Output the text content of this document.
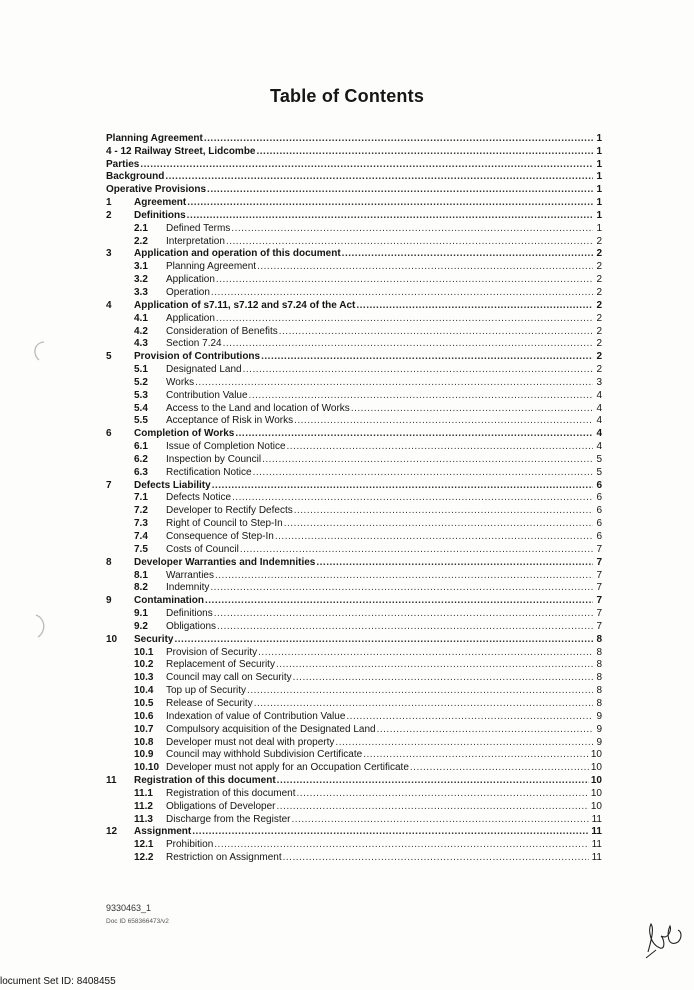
Table of Contents
Planning Agreement .....	1
4 - 12 Railway Street, Lidcombe .....	1
Parties .....	1
Background .....	1
Operative Provisions .....	1
1	Agreement .....	1
2	Definitions .....	1
2.1	Defined Terms .....	1
2.2	Interpretation .....	2
3	Application and operation of this document .....	2
3.1	Planning Agreement .....	2
3.2	Application .....	2
3.3	Operation .....	2
4	Application of s7.11, s7.12 and s7.24 of the Act .....	2
4.1	Application .....	2
4.2	Consideration of Benefits .....	2
4.3	Section 7.24 .....	2
5	Provision of Contributions .....	2
5.1	Designated Land .....	2
5.2	Works .....	3
5.3	Contribution Value .....	4
5.4	Access to the Land and location of Works .....	4
5.5	Acceptance of Risk in Works .....	4
6	Completion of Works .....	4
6.1	Issue of Completion Notice .....	4
6.2	Inspection by Council .....	5
6.3	Rectification Notice .....	5
7	Defects Liability .....	6
7.1	Defects Notice .....	6
7.2	Developer to Rectify Defects .....	6
7.3	Right of Council to Step-In .....	6
7.4	Consequence of Step-In .....	6
7.5	Costs of Council .....	7
8	Developer Warranties and Indemnities .....	7
8.1	Warranties .....	7
8.2	Indemnity .....	7
9	Contamination .....	7
9.1	Definitions .....	7
9.2	Obligations .....	7
10	Security .....	8
10.1	Provision of Security .....	8
10.2	Replacement of Security .....	8
10.3	Council may call on Security .....	8
10.4	Top up of Security .....	8
10.5	Release of Security .....	8
10.6	Indexation of value of Contribution Value .....	9
10.7	Compulsory acquisition of the Designated Land .....	9
10.8	Developer must not deal with property .....	9
10.9	Council may withhold Subdivision Certificate .....	10
10.10 Developer must not apply for an Occupation Certificate .....	10
11	Registration of this document .....	10
11.1	Registration of this document .....	10
11.2	Obligations of Developer .....	10
11.3	Discharge from the Register .....	11
12	Assignment .....	11
12.1	Prohibition .....	11
12.2	Restriction on Assignment .....	11
9330463_1
Doc ID 658366473/v2
locument Set ID: 8408455
